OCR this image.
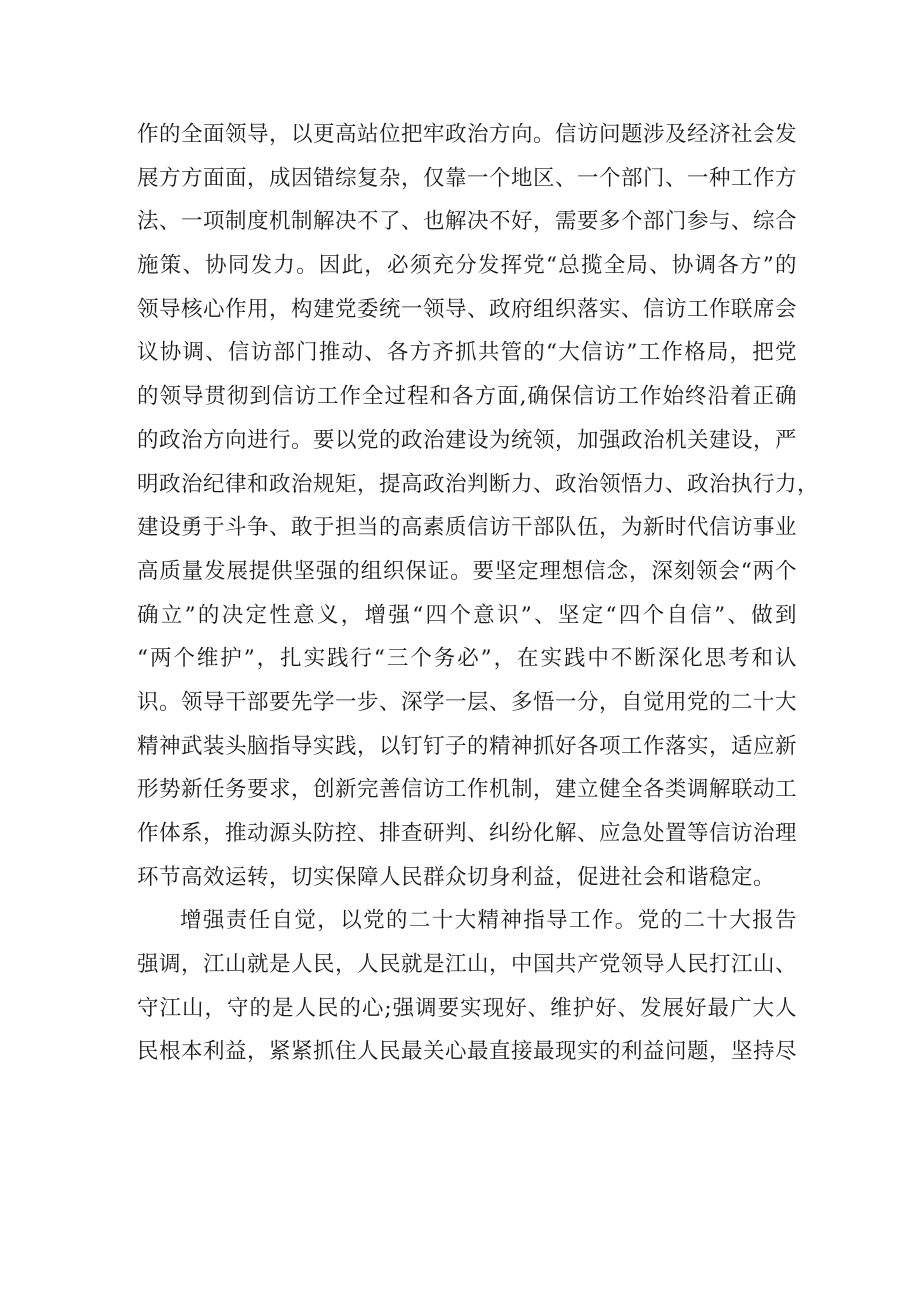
作的全面领导，以更高站位把牢政治方向。信访问题涉及经济社会发
展方方面面，成因错综复杂，仅靠一个地区、一个部门、一种工作方
法、一项制度机制解决不了、也解决不好，需要多个部门参与、综合
施策、协同发力。因此，必须充分发挥党“总揽全局、协调各方”的
领导核心作用，构建党委统一领导、政府组织落实、信访工作联席会
议协调、信访部门推动、各方齐抓共管的“大信访”工作格局，把党
的领导贯彻到信访工作全过程和各方面,确保信访工作始终沿着正确
的政治方向进行。要以党的政治建设为统领，加强政治机关建设，严
明政治纪律和政治规矩，提高政治判断力、政治领悟力、政治执行力，
建设勇于斗争、敢于担当的高素质信访干部队伍，为新时代信访事业
高质量发展提供坚强的组织保证。要坚定理想信念，深刻领会“两个
确立”的决定性意义，增强“四个意识”、坚定“四个自信”、做到
“两个维护”，扎实践行“三个务必”，在实践中不断深化思考和认
识。领导干部要先学一步、深学一层、多悟一分，自觉用党的二十大
精神武装头脑指导实践，以钉钉子的精神抓好各项工作落实，适应新
形势新任务要求，创新完善信访工作机制，建立健全各类调解联动工
作体系，推动源头防控、排查研判、纠纷化解、应急处置等信访治理
环节高效运转，切实保障人民群众切身利益，促进社会和谐稳定。
增强责任自觉，以党的二十大精神指导工作。党的二十大报告
强调，江山就是人民，人民就是江山，中国共产党领导人民打江山、
守江山，守的是人民的心;强调要实现好、维护好、发展好最广大人
民根本利益，紧紧抓住人民最关心最直接最现实的利益问题，坚持尽
